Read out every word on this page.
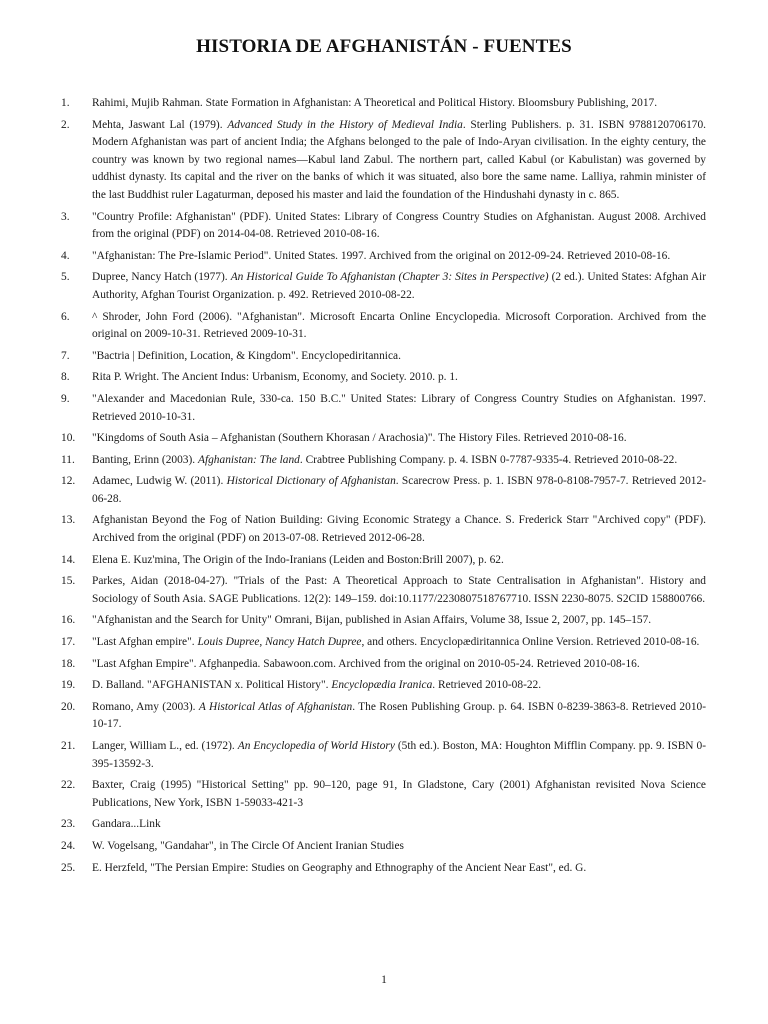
HISTORIA DE AFGHANISTÁN - FUENTES
1.	Rahimi, Mujib Rahman. State Formation in Afghanistan: A Theoretical and Political History. Bloomsbury Publishing, 2017.
2.	Mehta, Jaswant Lal (1979). Advanced Study in the History of Medieval India. Sterling Publishers. p. 31. ISBN 9788120706170. Modern Afghanistan was part of ancient India; the Afghans belonged to the pale of Indo-Aryan civilisation. In the eighty century, the country was known by two regional names—Kabul land Zabul. The northern part, called Kabul (or Kabulistan) was governed by uddhist dynasty. Its capital and the river on the banks of which it was situated, also bore the same name. Lalliya, rahmin minister of the last Buddhist ruler Lagaturman, deposed his master and laid the foundation of the Hindushahi dynasty in c. 865.
3.	"Country Profile: Afghanistan" (PDF). United States: Library of Congress Country Studies on Afghanistan. August 2008. Archived from the original (PDF) on 2014-04-08. Retrieved 2010-08-16.
4.	"Afghanistan: The Pre-Islamic Period". United States. 1997. Archived from the original on 2012-09-24. Retrieved 2010-08-16.
5.	Dupree, Nancy Hatch (1977). An Historical Guide To Afghanistan (Chapter 3: Sites in Perspective) (2 ed.). United States: Afghan Air Authority, Afghan Tourist Organization. p. 492. Retrieved 2010-08-22.
6.	^ Shroder, John Ford (2006). "Afghanistan". Microsoft Encarta Online Encyclopedia. Microsoft Corporation. Archived from the original on 2009-10-31. Retrieved 2009-10-31.
7.	"Bactria | Definition, Location, & Kingdom". Encyclopediritannica.
8.	Rita P. Wright. The Ancient Indus: Urbanism, Economy, and Society. 2010. p. 1.
9.	"Alexander and Macedonian Rule, 330-ca. 150 B.C." United States: Library of Congress Country Studies on Afghanistan. 1997. Retrieved 2010-10-31.
10.	"Kingdoms of South Asia – Afghanistan (Southern Khorasan / Arachosia)". The History Files. Retrieved 2010-08-16.
11.	Banting, Erinn (2003). Afghanistan: The land. Crabtree Publishing Company. p. 4. ISBN 0-7787-9335-4. Retrieved 2010-08-22.
12.	Adamec, Ludwig W. (2011). Historical Dictionary of Afghanistan. Scarecrow Press. p. 1. ISBN 978-0-8108-7957-7. Retrieved 2012-06-28.
13.	Afghanistan Beyond the Fog of Nation Building: Giving Economic Strategy a Chance. S. Frederick Starr "Archived copy" (PDF). Archived from the original (PDF) on 2013-07-08. Retrieved 2012-06-28.
14.	Elena E. Kuz'mina, The Origin of the Indo-Iranians (Leiden and Boston:Brill 2007), p. 62.
15.	Parkes, Aidan (2018-04-27). "Trials of the Past: A Theoretical Approach to State Centralisation in Afghanistan". History and Sociology of South Asia. SAGE Publications. 12(2): 149–159. doi:10.1177/2230807518767710. ISSN 2230-8075. S2CID 158800766.
16.	"Afghanistan and the Search for Unity" Omrani, Bijan, published in Asian Affairs, Volume 38, Issue 2, 2007, pp. 145–157.
17.	"Last Afghan empire". Louis Dupree, Nancy Hatch Dupree, and others. Encyclopædiritannica Online Version. Retrieved 2010-08-16.
18.	"Last Afghan Empire". Afghanpedia. Sabawoon.com. Archived from the original on 2010-05-24. Retrieved 2010-08-16.
19.	D. Balland. "AFGHANISTAN x. Political History". Encyclopædia Iranica. Retrieved 2010-08-22.
20.	Romano, Amy (2003). A Historical Atlas of Afghanistan. The Rosen Publishing Group. p. 64. ISBN 0-8239-3863-8. Retrieved 2010-10-17.
21.	Langer, William L., ed. (1972). An Encyclopedia of World History (5th ed.). Boston, MA: Houghton Mifflin Company. pp. 9. ISBN 0-395-13592-3.
22.	Baxter, Craig (1995) "Historical Setting" pp. 90–120, page 91, In Gladstone, Cary (2001) Afghanistan revisited Nova Science Publications, New York, ISBN 1-59033-421-3
23.	Gandara...Link
24.	W. Vogelsang, "Gandahar", in The Circle Of Ancient Iranian Studies
25.	E. Herzfeld, "The Persian Empire: Studies on Geography and Ethnography of the Ancient Near East", ed. G.
1
